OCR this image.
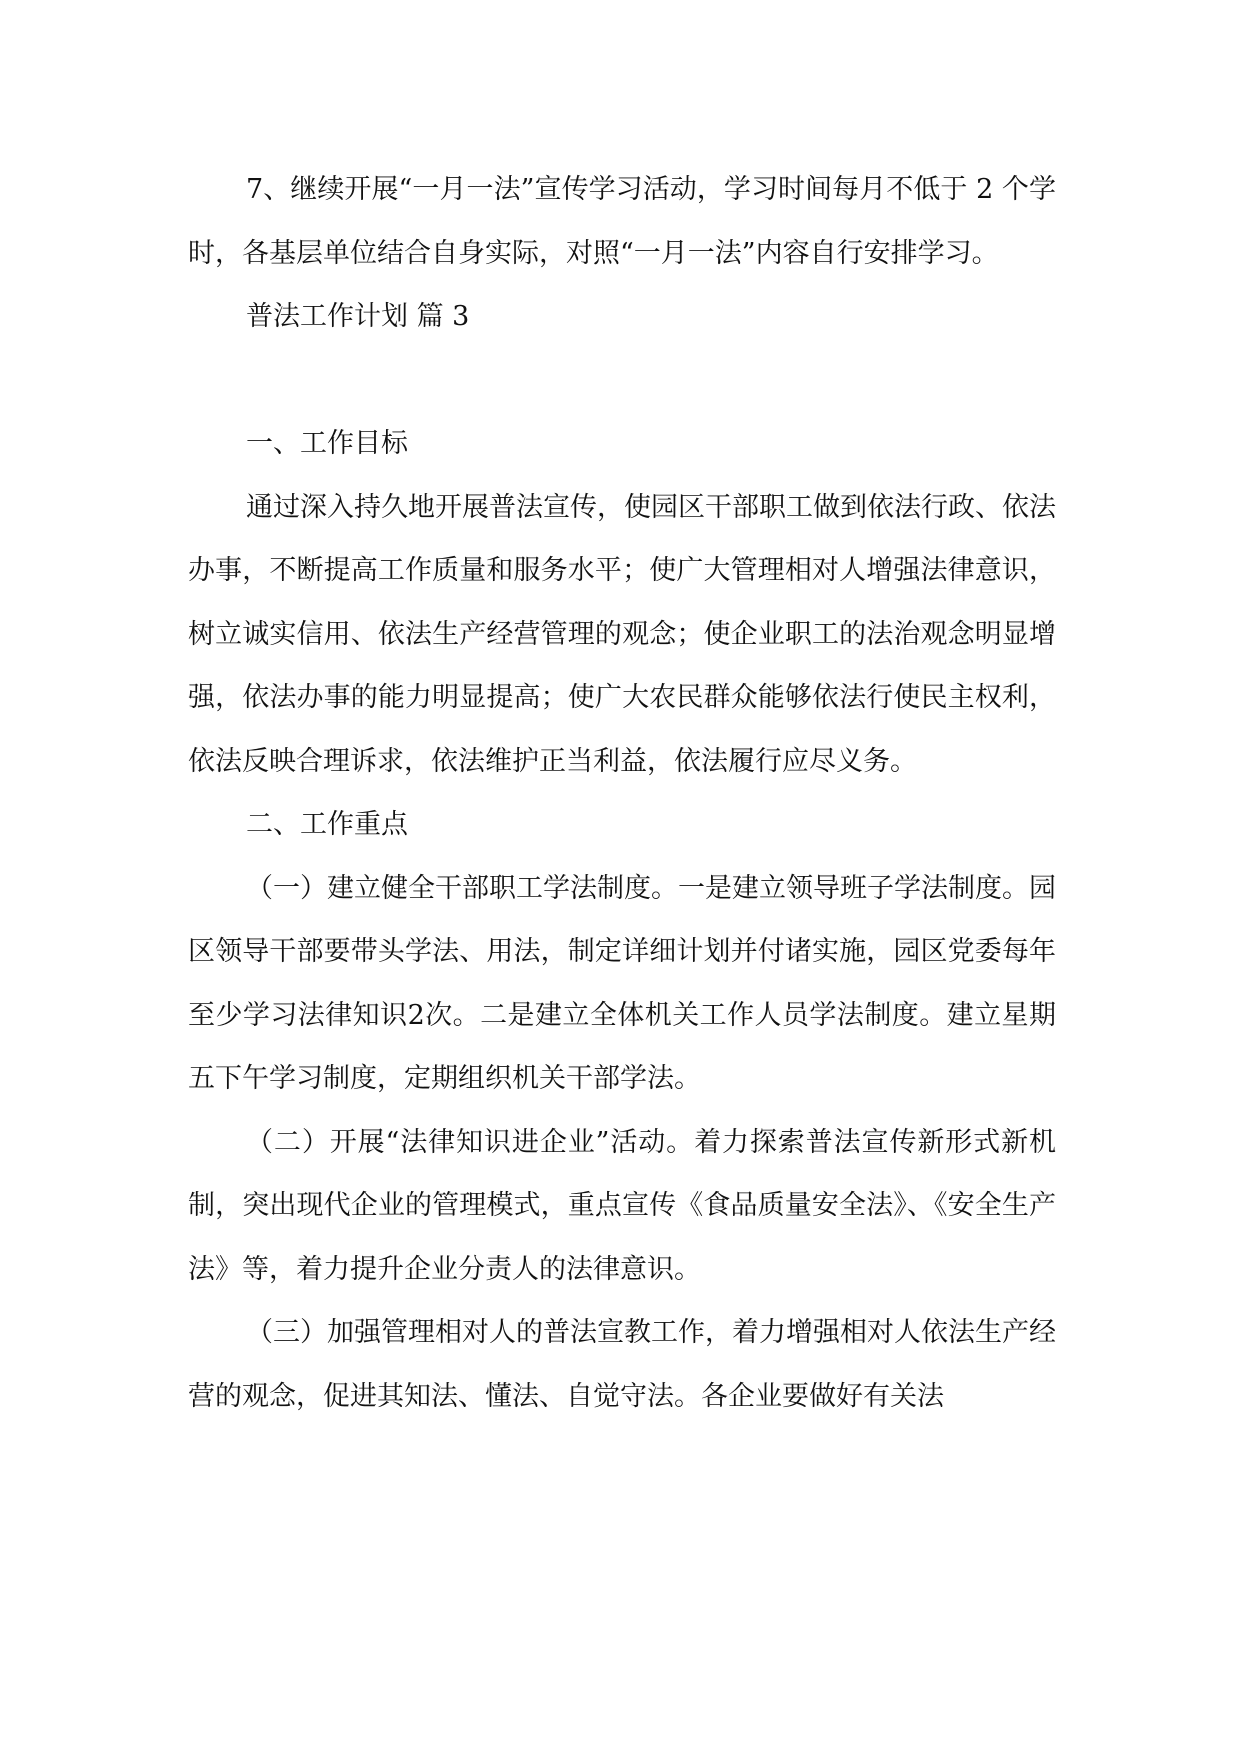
7、继续开展“一月一法”宣传学习活动，学习时间每月不低于 2 个学时，各基层单位结合自身实际，对照“一月一法”内容自行安排学习。

普法工作计划 篇 3

一、工作目标

通过深入持久地开展普法宣传，使园区干部职工做到依法行政、依法办事，不断提高工作质量和服务水平；使广大管理相对人增强法律意识，树立诚实信用、依法生产经营管理的观念；使企业职工的法治观念明显增强，依法办事的能力明显提高；使广大农民群众能够依法行使民主权利，依法反映合理诉求，依法维护正当利益，依法履行应尽义务。

二、工作重点

（一）建立健全干部职工学法制度。一是建立领导班子学法制度。园区领导干部要带头学法、用法，制定详细计划并付诸实施，园区党委每年至少学习法律知识2次。二是建立全体机关工作人员学法制度。建立星期五下午学习制度，定期组织机关干部学法。

（二）开展“法律知识进企业”活动。着力探索普法宣传新形式新机制，突出现代企业的管理模式，重点宣传《食品质量安全法》、《安全生产法》等，着力提升企业分责人的法律意识。

（三）加强管理相对人的普法宣教工作，着力增强相对人依法生产经营的观念，促进其知法、懂法、自觉守法。各企业要做好有关法
